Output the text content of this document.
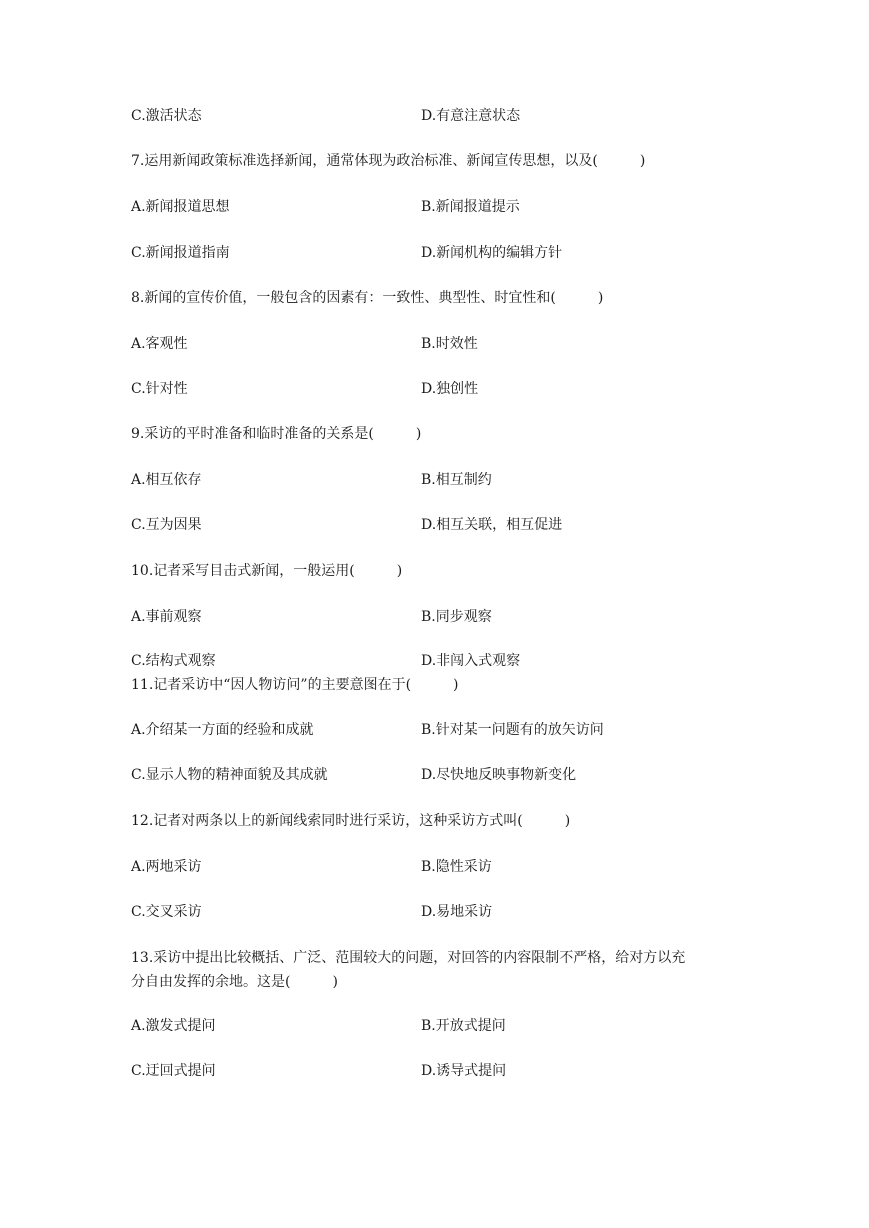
C.激活状态	D.有意注意状态
7.运用新闻政策标准选择新闻，通常体现为政治标准、新闻宣传思想，以及(　　　)
A.新闻报道思想	B.新闻报道提示
C.新闻报道指南	D.新闻机构的编辑方针
8.新闻的宣传价值，一般包含的因素有：一致性、典型性、时宜性和(　　　)
A.客观性	B.时效性
C.针对性	D.独创性
9.采访的平时准备和临时准备的关系是(　　　)
A.相互依存	B.相互制约
C.互为因果	D.相互关联，相互促进
10.记者采写目击式新闻，一般运用(　　　)
A.事前观察	B.同步观察
C.结构式观察	D.非闯入式观察
11.记者采访中“因人物访问”的主要意图在于(　　　)
A.介绍某一方面的经验和成就	B.针对某一问题有的放矢访问
C.显示人物的精神面貌及其成就	D.尽快地反映事物新变化
12.记者对两条以上的新闻线索同时进行采访，这种采访方式叫(　　　)
A.两地采访	B.隐性采访
C.交叉采访	D.易地采访
13.采访中提出比较概括、广泛、范围较大的问题，对回答的内容限制不严格，给对方以充
分自由发挥的余地。这是(　　　)
A.激发式提问	B.开放式提问
C.迂回式提问	D.诱导式提问
